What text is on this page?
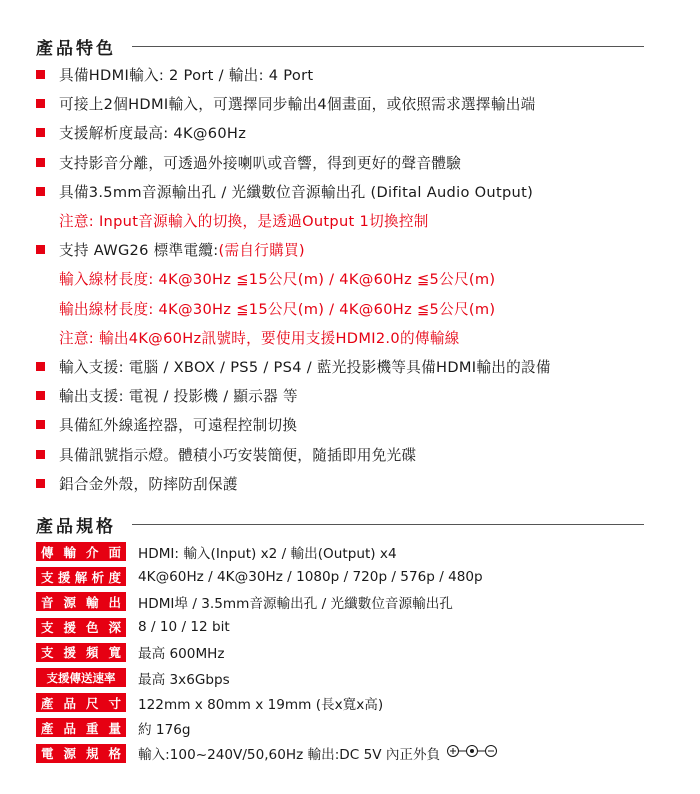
產品特色
具備HDMI輸入: 2 Port / 輸出: 4 Port
可接上2個HDMI輸入，可選擇同步輸出4個畫面，或依照需求選擇輸出端
支援解析度最高: 4K@60Hz
支持影音分離，可透過外接喇叭或音響，得到更好的聲音體驗
具備3.5mm音源輸出孔 / 光纖數位音源輸出孔 (Difital Audio Output)
注意: Input音源輸入的切換，是透過Output 1切換控制
支持 AWG26 標準電纜: (需自行購買)
輸入線材長度: 4K@30Hz ≦15公尺(m) / 4K@60Hz ≦5公尺(m)
輸出線材長度: 4K@30Hz ≦15公尺(m) / 4K@60Hz ≦5公尺(m)
注意: 輸出4K@60Hz訊號時，要使用支援HDMI2.0的傳輸線
輸入支援: 電腦 / XBOX / PS5 / PS4 / 藍光投影機等具備HDMI輸出的設備
輸出支援: 電視 / 投影機 / 顯示器 等
具備紅外線遙控器，可遠程控制切換
具備訊號指示燈。體積小巧安裝簡便，隨插即用免光碟
鋁合金外殼，防摔防刮保護
產品規格
傳 輸 介 面 HDMI: 輸入(Input) x2 / 輸出(Output) x4
支 援 解 析 度 4K@60Hz / 4K@30Hz / 1080p / 720p / 576p / 480p
音 源 輸 出 HDMI埠 / 3.5mm音源輸出孔 / 光纖數位音源輸出孔
支 援 色 深 8 / 10 / 12 bit
支 援 頻 寬 最高 600MHz
支援傳送速率	最高 3x6Gbps
產 品 尺 寸 122mm x 80mm x 19mm (長x寬x高)
產 品 重 量 約 176g
電 源 規 格 輸入:100~240V/50,60Hz 輸出:DC 5V 內正外負
